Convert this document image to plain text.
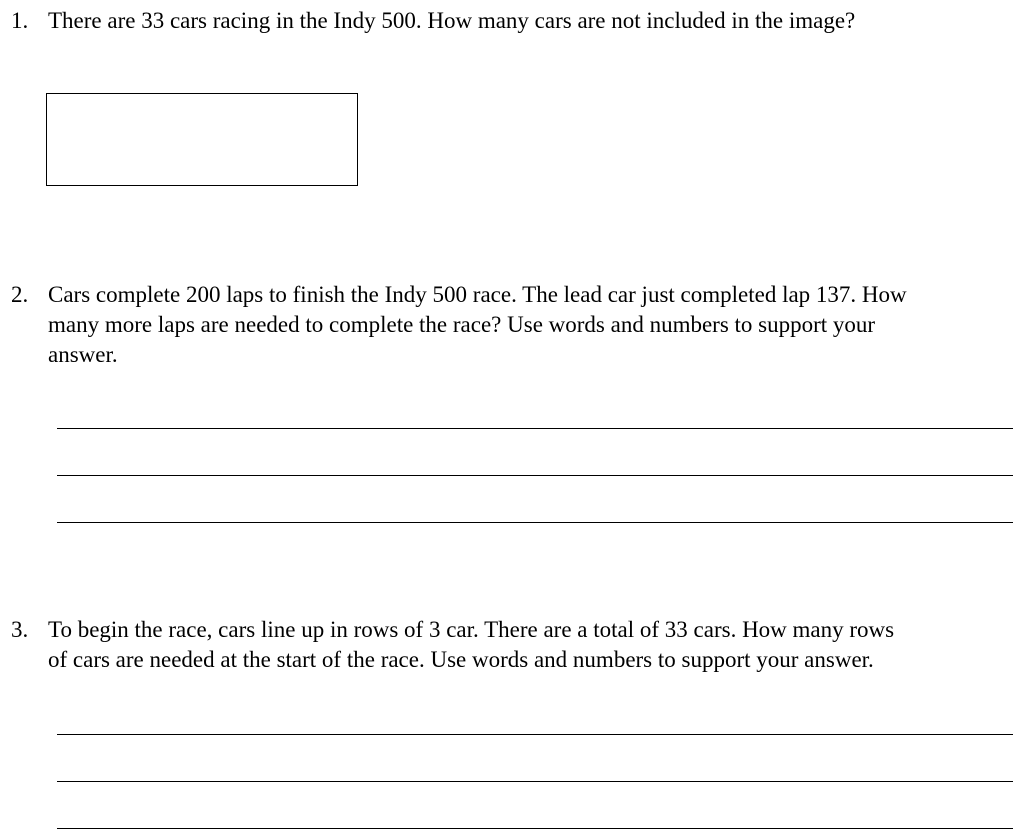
1. There are 33 cars racing in the Indy 500. How many cars are not included in the image?
2. Cars complete 200 laps to finish the Indy 500 race. The lead car just completed lap 137. How
many more laps are needed to complete the race? Use words and numbers to support your
answer.
3. To begin the race, cars line up in rows of 3 car. There are a total of 33 cars. How many rows
of cars are needed at the start of the race. Use words and numbers to support your answer.
